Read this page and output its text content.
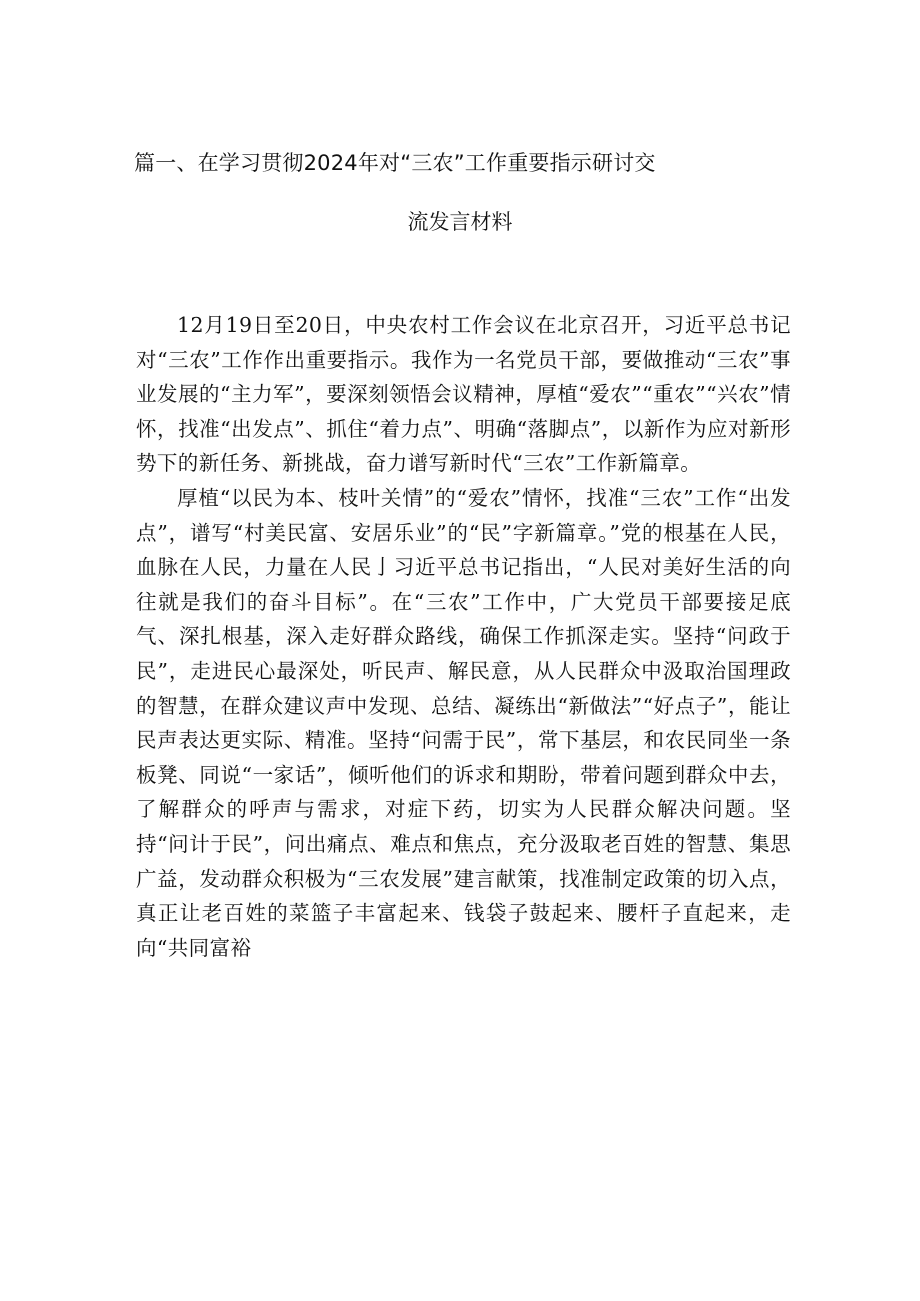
篇一、在学习贯彻2024年对“三农”工作重要指示研讨交
流发言材料

12月19日至20日，中央农村工作会议在北京召开，习近平总书记对“三农”工作作出重要指示。我作为一名党员干部，要做推动“三农”事业发展的“主力军”，要深刻领悟会议精神，厚植“爱农”“重农”“兴农”情怀，找准“出发点”、抓住“着力点”、明确“落脚点”，以新作为应对新形势下的新任务、新挑战，奋力谱写新时代“三农”工作新篇章。

厚植“以民为本、枝叶关情”的“爱农”情怀，找准“三农”工作“出发点”，谱写“村美民富、安居乐业”的“民”字新篇章。”党的根基在人民，血脉在人民，力量在人民亅习近平总书记指出，“人民对美好生活的向往就是我们的奋斗目标”。在“三农”工作中，广大党员干部要接足底气、深扎根基，深入走好群众路线，确保工作抓深走实。坚持“问政于民”，走进民心最深处，听民声、解民意，从人民群众中汲取治国理政的智慧，在群众建议声中发现、总结、凝练出“新做法”“好点子”，能让民声表达更实际、精准。坚持“问需于民”，常下基层，和农民同坐一条板凳、同说“一家话”，倾听他们的诉求和期盼，带着问题到群众中去，了解群众的呼声与需求，对症下药，切实为人民群众解决问题。坚持“问计于民”，问出痛点、难点和焦点，充分汲取老百姓的智慧、集思广益，发动群众积极为“三农发展”建言献策，找准制定政策的切入点，真正让老百姓的菜篮子丰富起来、钱袋子鼓起来、腰杆子直起来，走向“共同富裕
